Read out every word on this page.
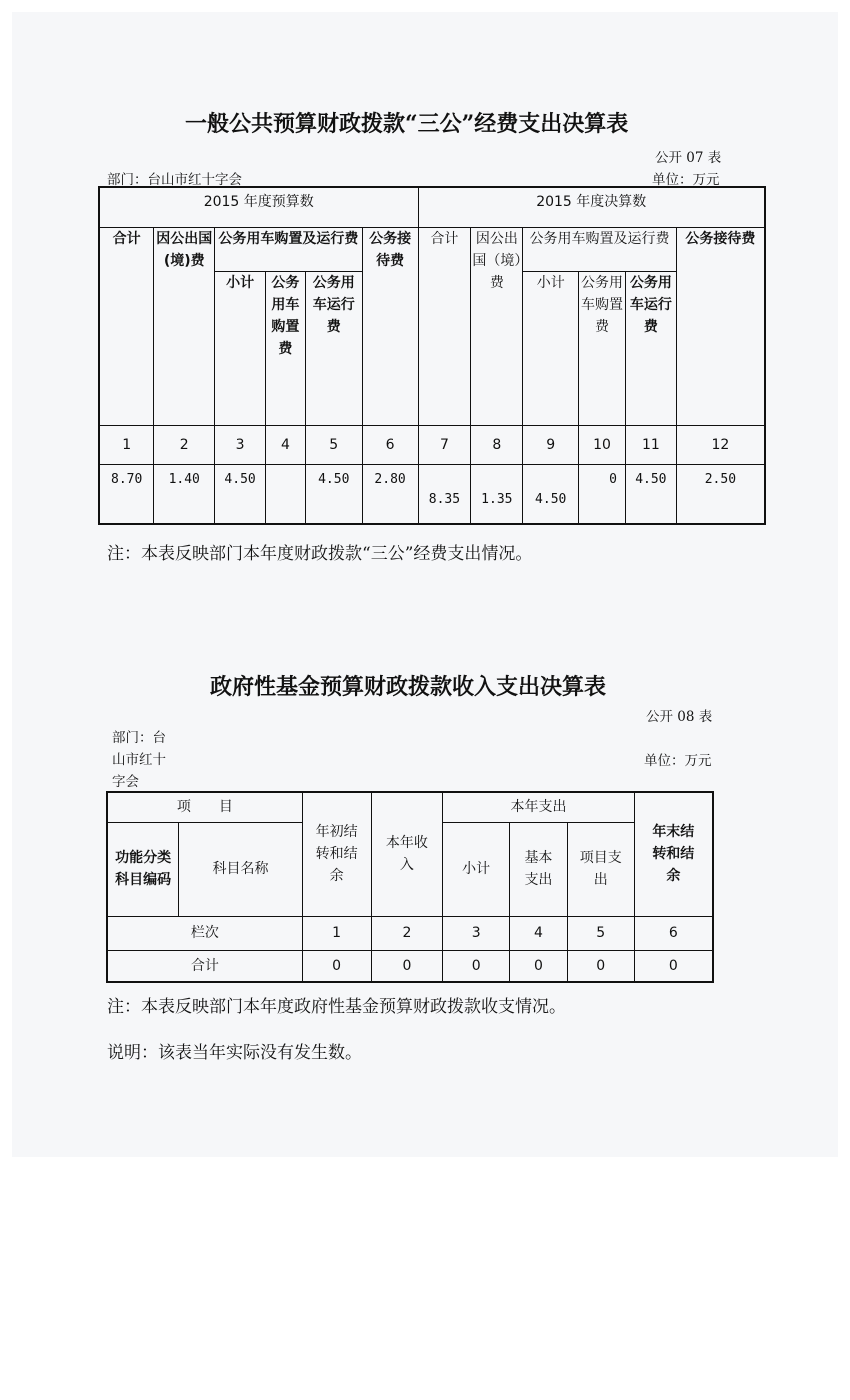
一般公共预算财政拨款“三公”经费支出决算表
公开 07 表
部门：台山市红十字会	单位：万元
2015 年度预算数						2015 年度决算数					
合计	因公出国(境)费	公务用车购置及运行费			公务接待费	合计	因公出国（境）费	公务用车购置及运行费			公务接待费
		小计	公务用车购置费	公务用车运行费				小计	公务用车购置费	公务用车运行费	
1	2	3	4	5	6	7	8	9	10	11	12
8.70	1.40	4.50		4.50	2.80	8.35	1.35	4.50	0	4.50	2.50
注：本表反映部门本年度财政拨款“三公”经费支出情况。
政府性基金预算财政拨款收入支出决算表
公开 08 表
部门：台
山市红十
字会
单位：万元
项　　目		年初结转和结余	本年收入	本年支出			年末结转和结余
功能分类科目编码	科目名称			小计	基本支出	项目支出	
栏次		1	2	3	4	5	6
合计		0	0	0	0	0	0
注：本表反映部门本年度政府性基金预算财政拨款收支情况。
说明：该表当年实际没有发生数。
